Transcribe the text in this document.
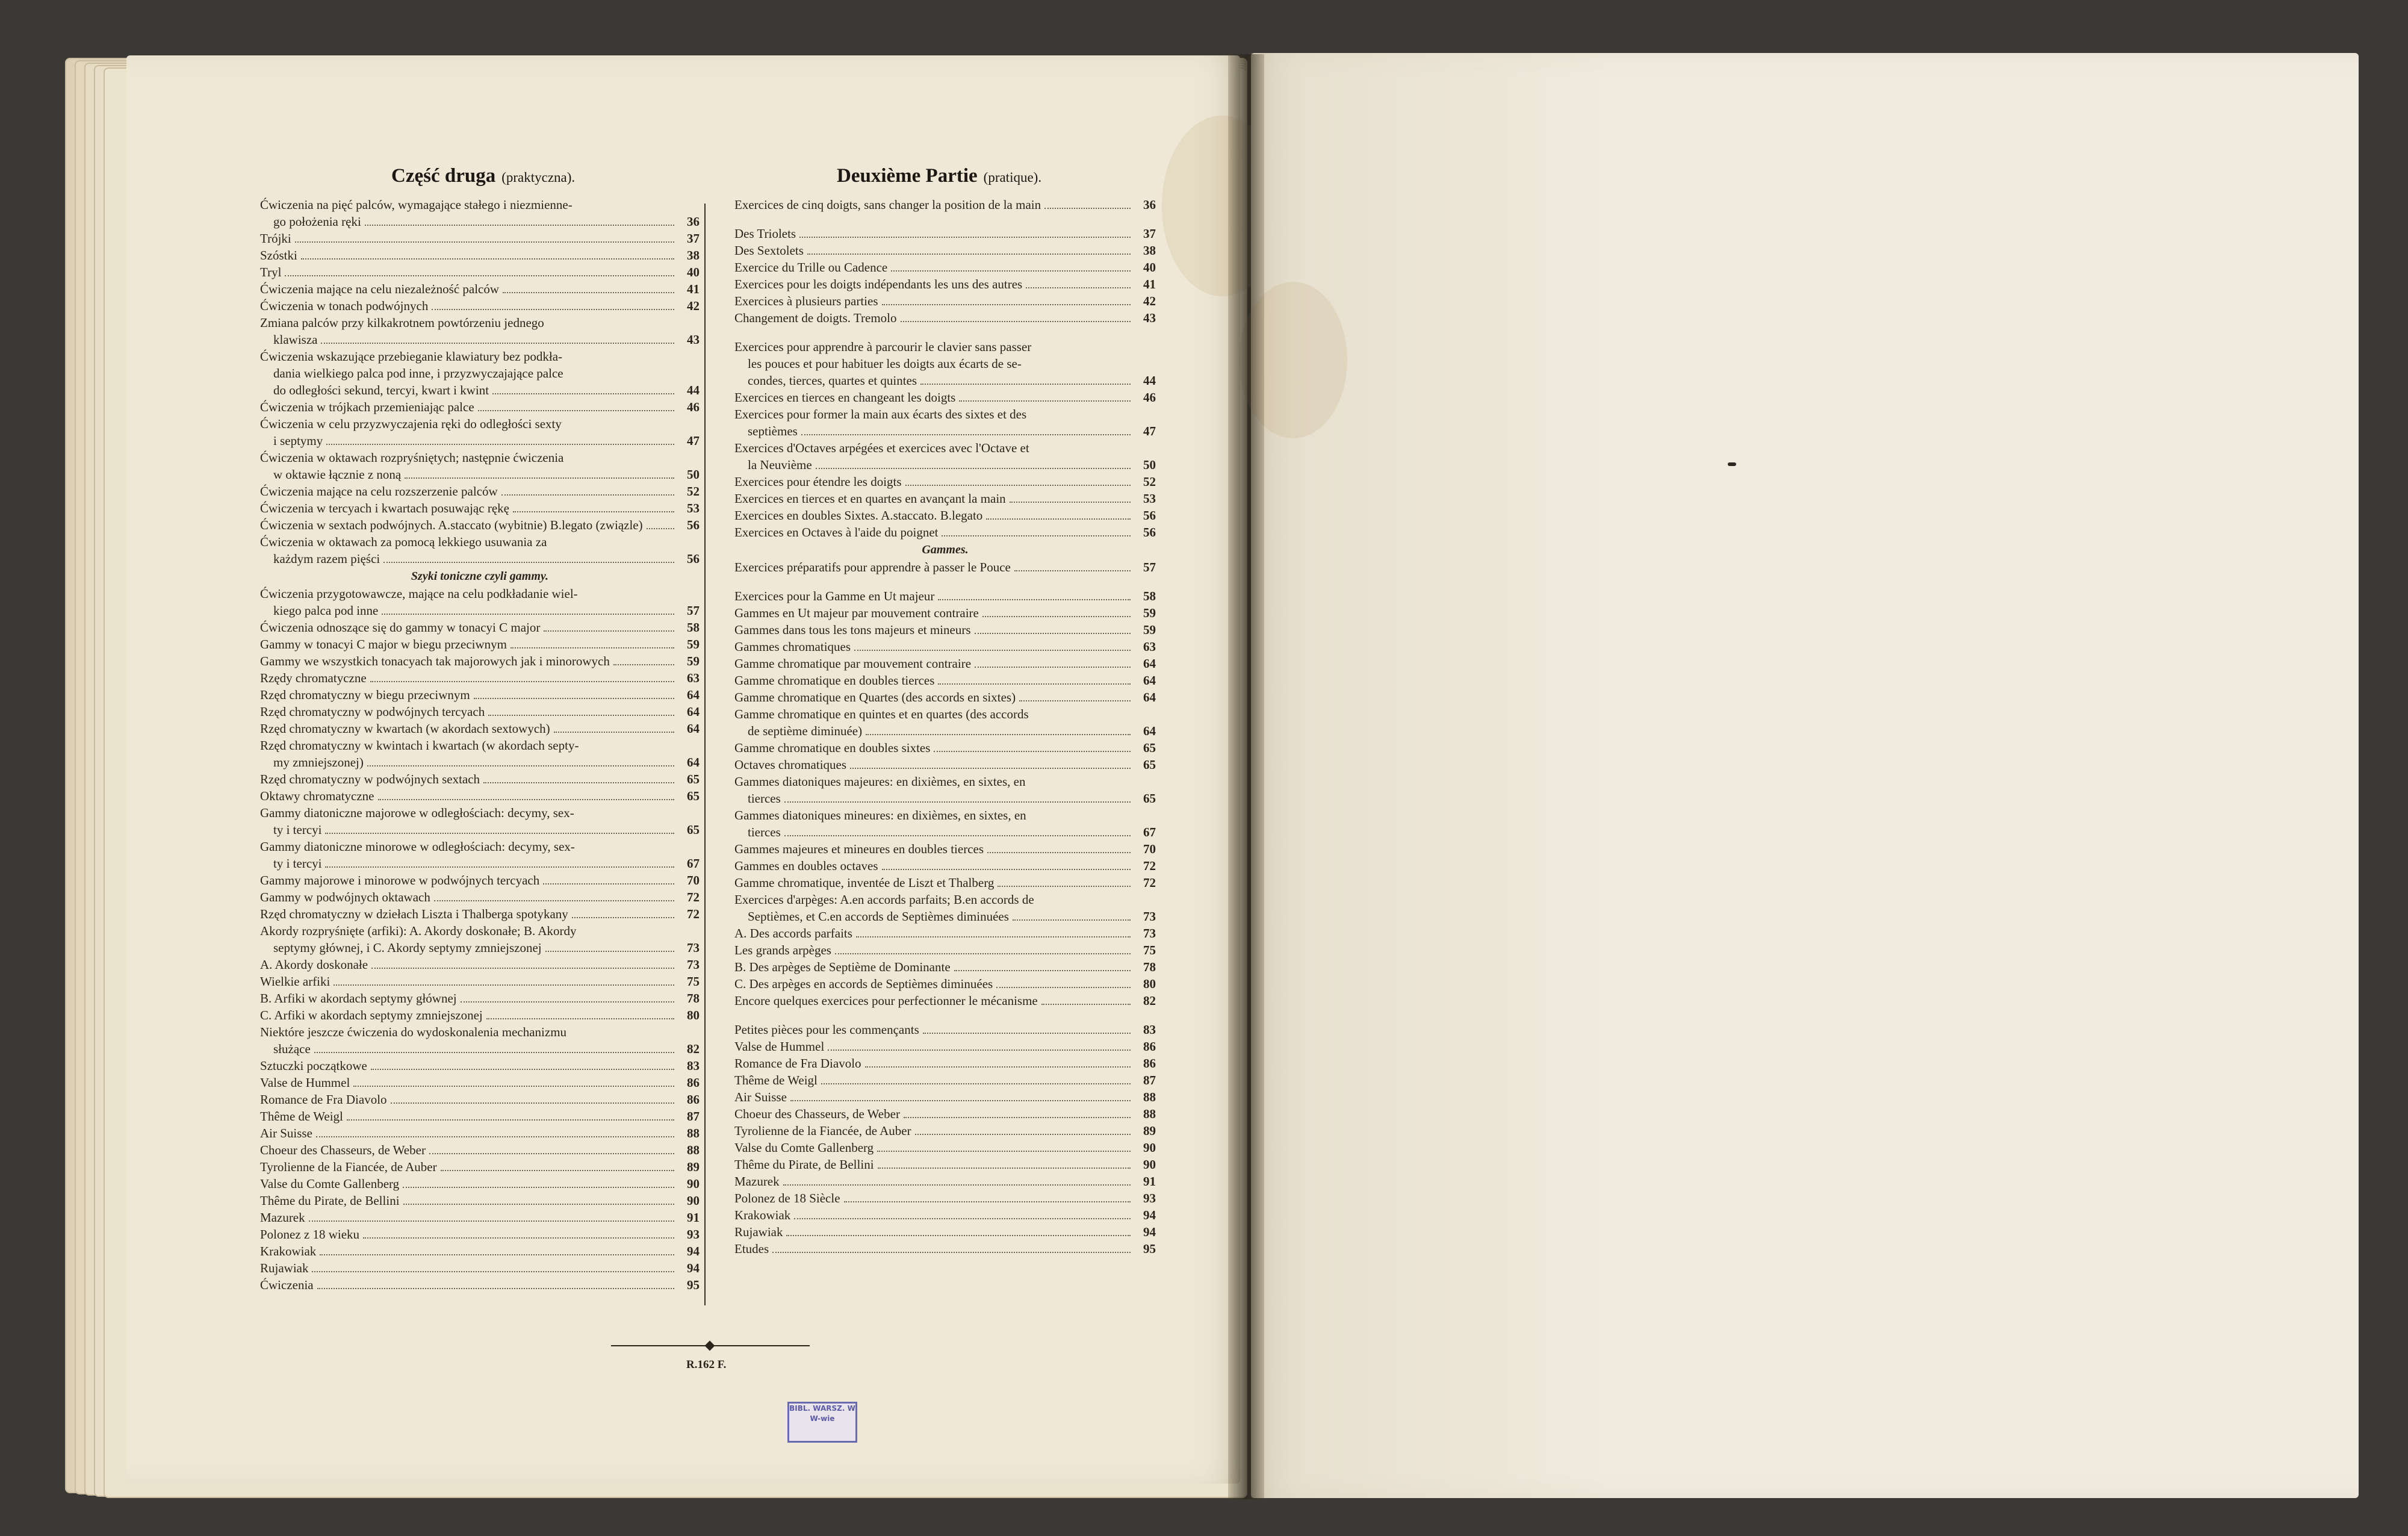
Część druga (praktyczna).	Deuxième Partie (pratique).
Ćwiczenia na pięć palców, wymagające stałego i niezmienne-
go położenia ręki	36
Trójki	37
Szóstki	38
Tryl	40
Ćwiczenia mające na celu niezależność palców	41
Ćwiczenia w tonach podwójnych	42
Zmiana palców przy kilkakrotnem powtórzeniu jednego
klawisza	43
Ćwiczenia wskazujące przebieganie klawiatury bez podkła-
dania wielkiego palca pod inne, i przyzwyczajające palce
do odległości sekund, tercyi, kwart i kwint	44
Ćwiczenia w trójkach przemieniając palce	46
Ćwiczenia w celu przyzwyczajenia ręki do odległości sexty
i septymy	47
Ćwiczenia w oktawach rozpryśniętych; następnie ćwiczenia
w oktawie łącznie z noną	50
Ćwiczenia mające na celu rozszerzenie palców	52
Ćwiczenia w tercyach i kwartach posuwając rękę	53
Ćwiczenia w sextach podwójnych. A.staccato (wybitnie) B.legato (związle)	56
Ćwiczenia w oktawach za pomocą lekkiego usuwania za
każdym razem pięści	56
Szyki toniczne czyli gammy.
Ćwiczenia przygotowawcze, mające na celu podkładanie wiel-
kiego palca pod inne	57
Ćwiczenia odnoszące się do gammy w tonacyi C major	58
Gammy w tonacyi C major w biegu przeciwnym	59
Gammy we wszystkich tonacyach tak majorowych jak i minorowych	59
Rzędy chromatyczne	63
Rzęd chromatyczny w biegu przeciwnym	64
Rzęd chromatyczny w podwójnych tercyach	64
Rzęd chromatyczny w kwartach (w akordach sextowych)	64
Rzęd chromatyczny w kwintach i kwartach (w akordach septy-
my zmniejszonej)	64
Rzęd chromatyczny w podwójnych sextach	65
Oktawy chromatyczne	65
Gammy diatoniczne majorowe w odległościach: decymy, sex-
ty i tercyi	65
Gammy diatoniczne minorowe w odległościach: decymy, sex-
ty i tercyi	67
Gammy majorowe i minorowe w podwójnych tercyach	70
Gammy w podwójnych oktawach	72
Rzęd chromatyczny w dziełach Liszta i Thalberga spotykany	72
Akordy rozpryśnięte (arfiki): A. Akordy doskonałe; B. Akordy
septymy głównej, i C. Akordy septymy zmniejszonej	73
A. Akordy doskonałe	73
Wielkie arfiki	75
B. Arfiki w akordach septymy głównej	78
C. Arfiki w akordach septymy zmniejszonej	80
Niektóre jeszcze ćwiczenia do wydoskonalenia mechanizmu
służące	82
Sztuczki początkowe	83
Valse de Hummel	86
Romance de Fra Diavolo	86
Thême de Weigl	87
Air Suisse	88
Choeur des Chasseurs, de Weber	88
Tyrolienne de la Fiancée, de Auber	89
Valse du Comte Gallenberg	90
Thême du Pirate, de Bellini	90
Mazurek	91
Polonez z 18 wieku	93
Krakowiak	94
Rujawiak	94
Ćwiczenia	95
Exercices de cinq doigts, sans changer la position de la main	36
Des Triolets	37
Des Sextolets	38
Exercice du Trille ou Cadence	40
Exercices pour les doigts indépendants les uns des autres	41
Exercices à plusieurs parties	42
Changement de doigts. Tremolo	43
Exercices pour apprendre à parcourir le clavier sans passer
les pouces et pour habituer les doigts aux écarts de se-
condes, tierces, quartes et quintes	44
Exercices en tierces en changeant les doigts	46
Exercices pour former la main aux écarts des sixtes et des
septièmes	47
Exercices d'Octaves arpégées et exercices avec l'Octave et
la Neuvième	50
Exercices pour étendre les doigts	52
Exercices en tierces et en quartes en avançant la main	53
Exercices en doubles Sixtes. A.staccato. B.legato	56
Exercices en Octaves à l'aide du poignet	56
Gammes.
Exercices préparatifs pour apprendre à passer le Pouce	57
Exercices pour la Gamme en Ut majeur	58
Gammes en Ut majeur par mouvement contraire	59
Gammes dans tous les tons majeurs et mineurs	59
Gammes chromatiques	63
Gamme chromatique par mouvement contraire	64
Gamme chromatique en doubles tierces	64
Gamme chromatique en Quartes (des accords en sixtes)	64
Gamme chromatique en quintes et en quartes (des accords
de septième diminuée)	64
Gamme chromatique en doubles sixtes	65
Octaves chromatiques	65
Gammes diatoniques majeures: en dixièmes, en sixtes, en
tierces	65
Gammes diatoniques mineures: en dixièmes, en sixtes, en
tierces	67
Gammes majeures et mineures en doubles tierces	70
Gammes en doubles octaves	72
Gamme chromatique, inventée de Liszt et Thalberg	72
Exercices d'arpèges: A.en accords parfaits; B.en accords de
Septièmes, et C.en accords de Septièmes diminuées	73
A. Des accords parfaits	73
Les grands arpèges	75
B. Des arpèges de Septième de Dominante	78
C. Des arpèges en accords de Septièmes diminuées	80
Encore quelques exercices pour perfectionner le mécanisme	82
Petites pièces pour les commençants	83
Valse de Hummel	86
Romance de Fra Diavolo	86
Thême de Weigl	87
Air Suisse	88
Choeur des Chasseurs, de Weber	88
Tyrolienne de la Fiancée, de Auber	89
Valse du Comte Gallenberg	90
Thême du Pirate, de Bellini	90
Mazurek	91
Polonez de 18 Siècle	93
Krakowiak	94
Rujawiak	94
Etudes	95
R.162 F.
BIBL. WARSZ. W W-wie
